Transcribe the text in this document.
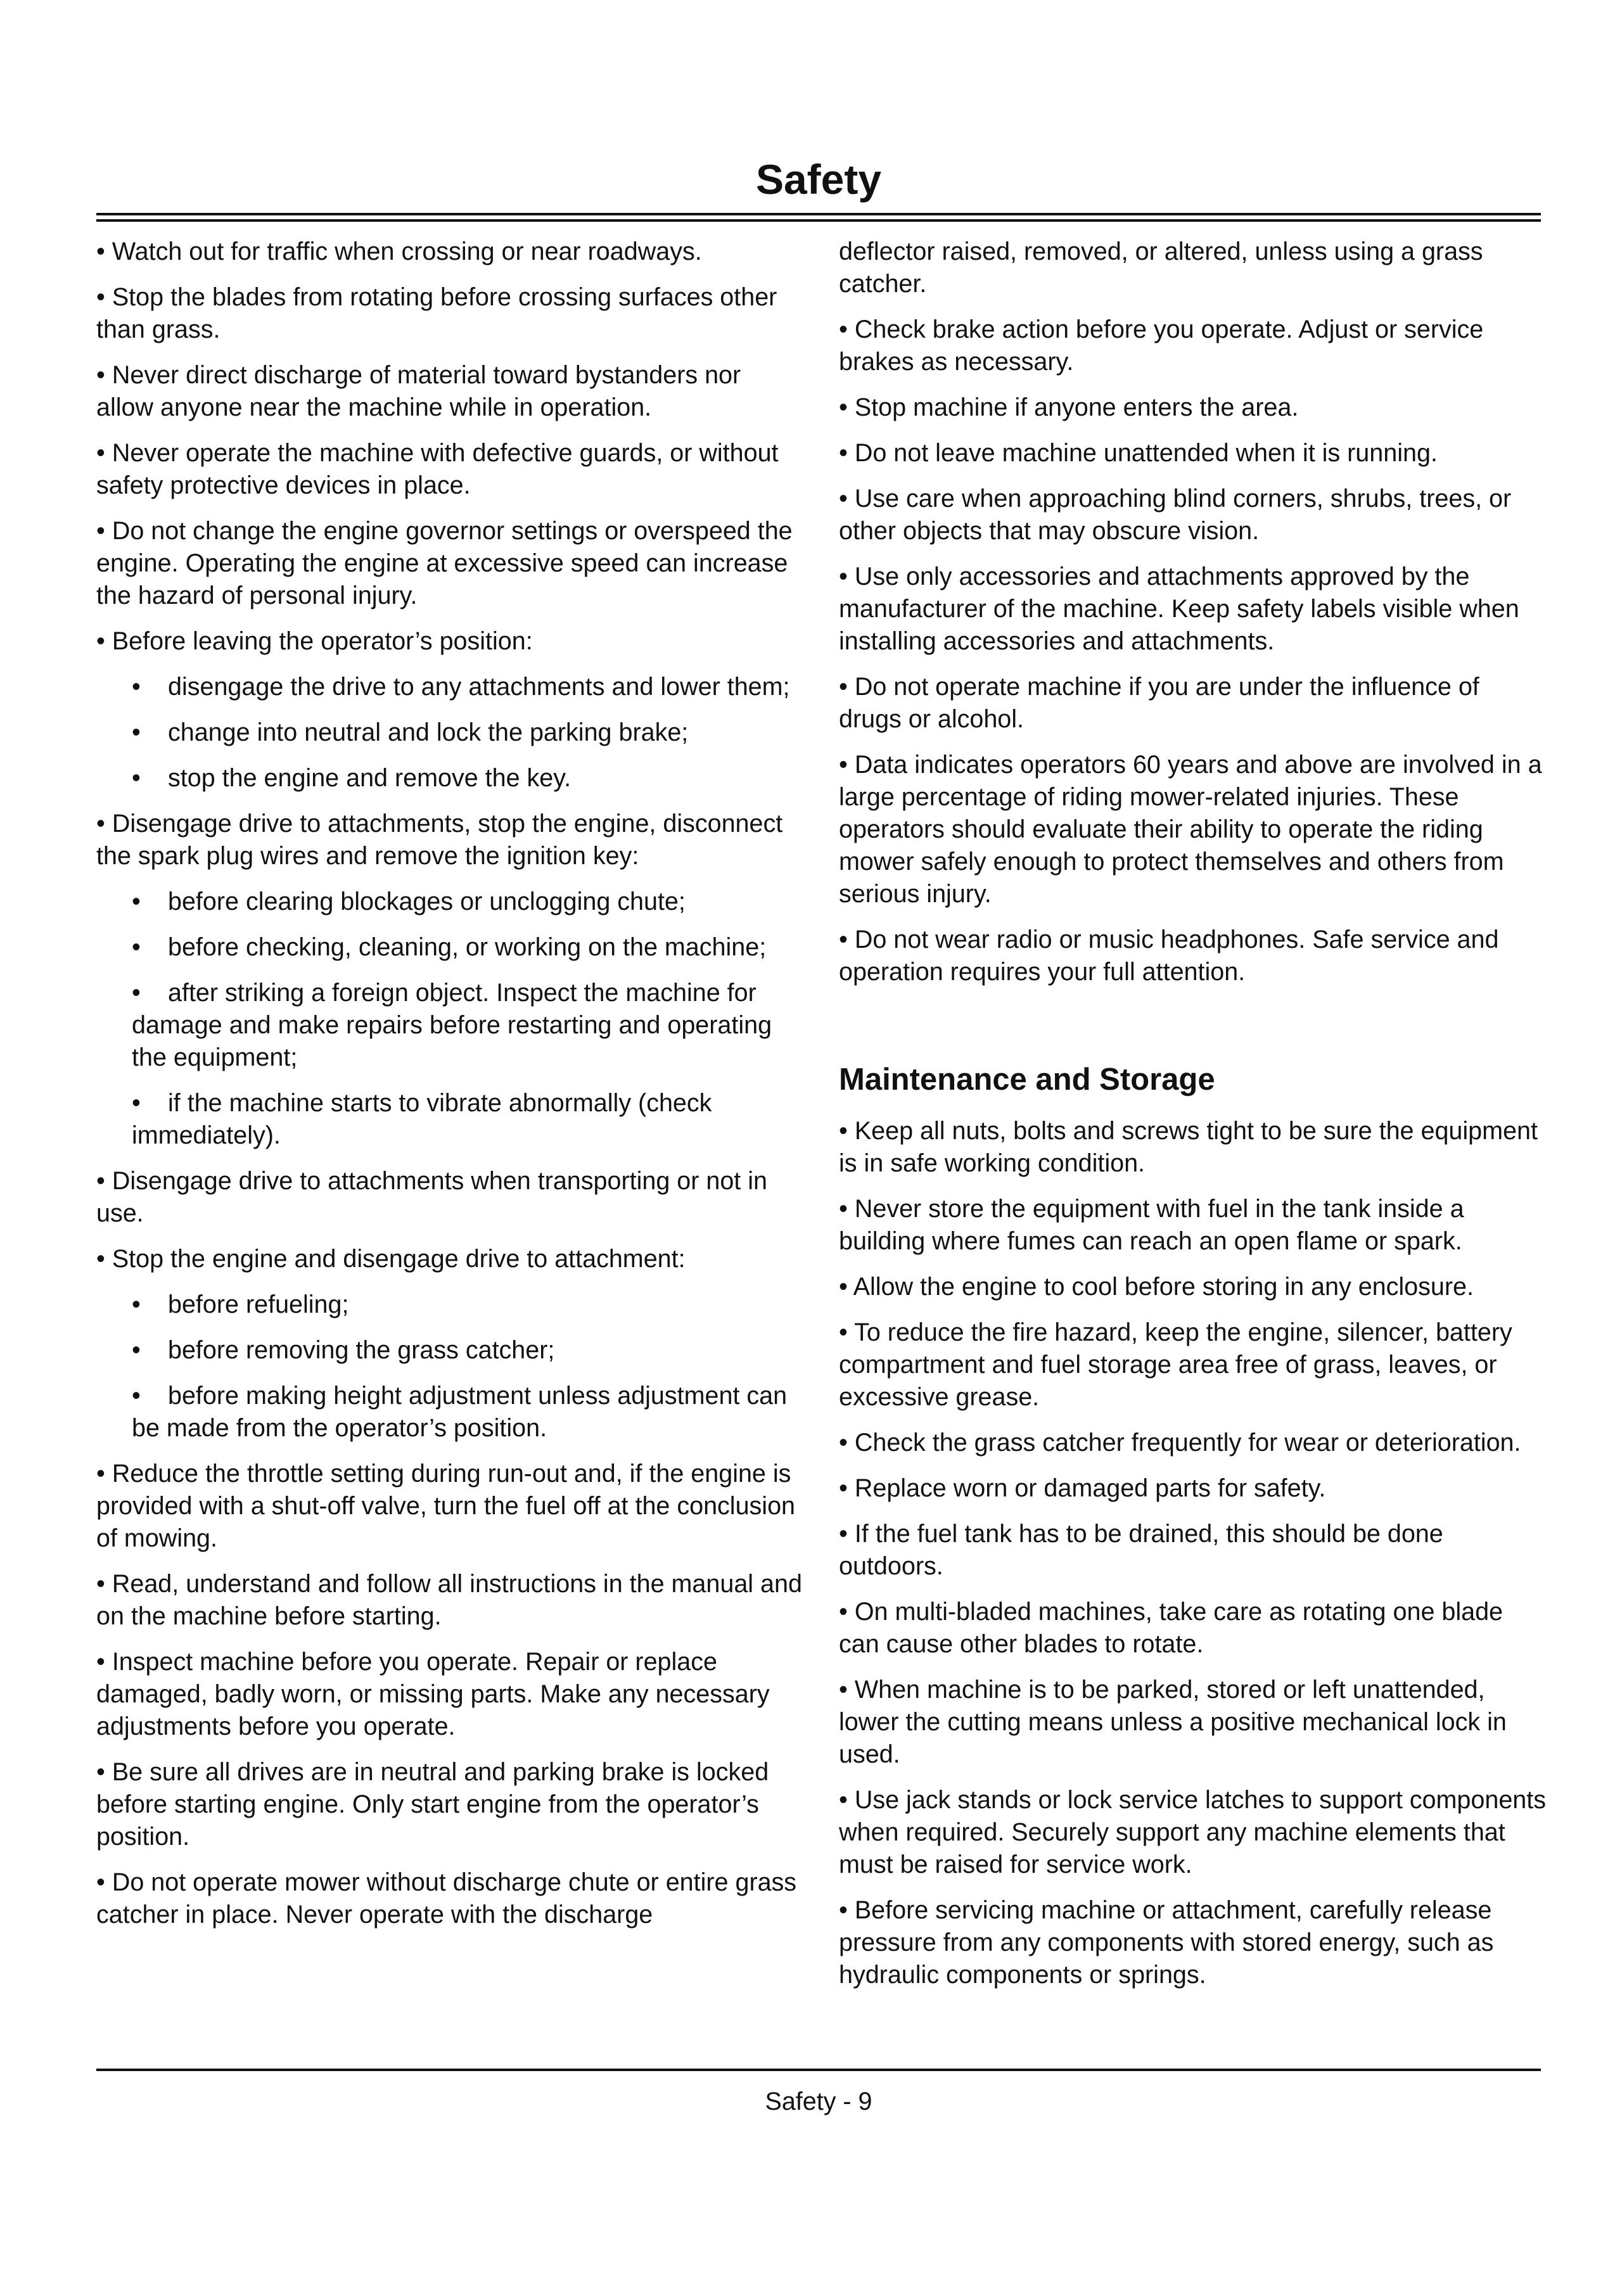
Safety

• Watch out for traffic when crossing or near roadways.

• Stop the blades from rotating before crossing surfaces other than grass.

• Never direct discharge of material toward bystanders nor allow anyone near the machine while in operation.

• Never operate the machine with defective guards, or without safety protective devices in place.

• Do not change the engine governor settings or overspeed the engine. Operating the engine at excessive speed can increase the hazard of personal injury.

• Before leaving the operator’s position:

• disengage the drive to any attachments and lower them;

• change into neutral and lock the parking brake;

• stop the engine and remove the key.

• Disengage drive to attachments, stop the engine, disconnect the spark plug wires and remove the ignition key:

• before clearing blockages or unclogging chute;

• before checking, cleaning, or working on the machine;

• after striking a foreign object. Inspect the machine for damage and make repairs before restarting and operating the equipment;

• if the machine starts to vibrate abnormally (check immediately).

• Disengage drive to attachments when transporting or not in use.

• Stop the engine and disengage drive to attachment:

• before refueling;

• before removing the grass catcher;

• before making height adjustment unless adjustment can be made from the operator’s position.

• Reduce the throttle setting during run-out and, if the engine is provided with a shut-off valve, turn the fuel off at the conclusion of mowing.

• Read, understand and follow all instructions in the manual and on the machine before starting.

• Inspect machine before you operate. Repair or replace damaged, badly worn, or missing parts. Make any necessary adjustments before you operate.

• Be sure all drives are in neutral and parking brake is locked before starting engine. Only start engine from the operator’s position.

• Do not operate mower without discharge chute or entire grass catcher in place. Never operate with the discharge

deflector raised, removed, or altered, unless using a grass catcher.

• Check brake action before you operate. Adjust or service brakes as necessary.

• Stop machine if anyone enters the area.

• Do not leave machine unattended when it is running.

• Use care when approaching blind corners, shrubs, trees, or other objects that may obscure vision.

• Use only accessories and attachments approved by the manufacturer of the machine. Keep safety labels visible when installing accessories and attachments.

• Do not operate machine if you are under the influence of drugs or alcohol.

• Data indicates operators 60 years and above are involved in a large percentage of riding mower-related injuries. These operators should evaluate their ability to operate the riding mower safely enough to protect themselves and others from serious injury.

• Do not wear radio or music headphones. Safe service and operation requires your full attention.

Maintenance and Storage

• Keep all nuts, bolts and screws tight to be sure the equipment is in safe working condition.

• Never store the equipment with fuel in the tank inside a building where fumes can reach an open flame or spark.

• Allow the engine to cool before storing in any enclosure.

• To reduce the fire hazard, keep the engine, silencer, battery compartment and fuel storage area free of grass, leaves, or excessive grease.

• Check the grass catcher frequently for wear or deterioration.

• Replace worn or damaged parts for safety.

• If the fuel tank has to be drained, this should be done outdoors.

• On multi-bladed machines, take care as rotating one blade can cause other blades to rotate.

• When machine is to be parked, stored or left unattended, lower the cutting means unless a positive mechanical lock in used.

• Use jack stands or lock service latches to support components when required. Securely support any machine elements that must be raised for service work.

• Before servicing machine or attachment, carefully release pressure from any components with stored energy, such as hydraulic components or springs.

Safety - 9
